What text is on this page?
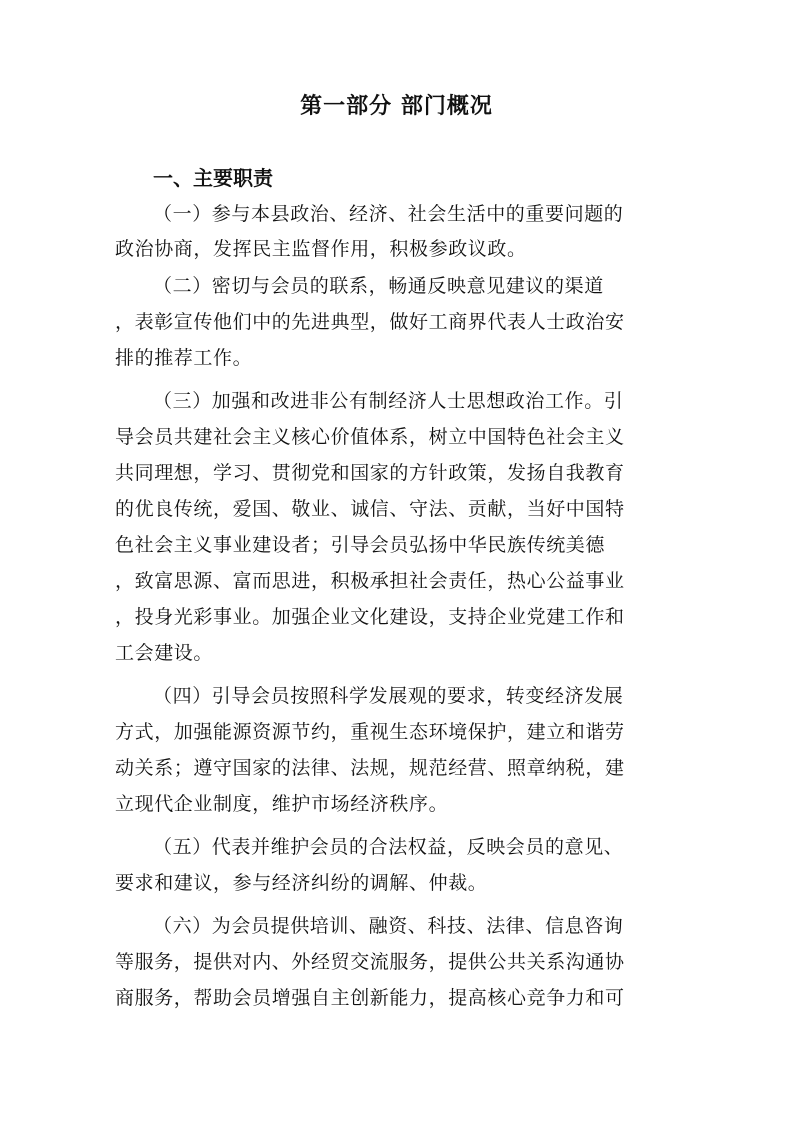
第一部分 部门概况
一、主要职责
（一）参与本县政治、经济、社会生活中的重要问题的
政治协商，发挥民主监督作用，积极参政议政。
（二）密切与会员的联系，畅通反映意见建议的渠道
，表彰宣传他们中的先进典型，做好工商界代表人士政治安
排的推荐工作。
（三）加强和改进非公有制经济人士思想政治工作。引
导会员共建社会主义核心价值体系，树立中国特色社会主义
共同理想，学习、贯彻党和国家的方针政策，发扬自我教育
的优良传统，爱国、敬业、诚信、守法、贡献，当好中国特
色社会主义事业建设者；引导会员弘扬中华民族传统美德
，致富思源、富而思进，积极承担社会责任，热心公益事业
，投身光彩事业。加强企业文化建设，支持企业党建工作和
工会建设。
（四）引导会员按照科学发展观的要求，转变经济发展
方式，加强能源资源节约，重视生态环境保护，建立和谐劳
动关系；遵守国家的法律、法规，规范经营、照章纳税，建
立现代企业制度，维护市场经济秩序。
（五）代表并维护会员的合法权益，反映会员的意见、
要求和建议，参与经济纠纷的调解、仲裁。
（六）为会员提供培训、融资、科技、法律、信息咨询
等服务，提供对内、外经贸交流服务，提供公共关系沟通协
商服务，帮助会员增强自主创新能力，提高核心竞争力和可
